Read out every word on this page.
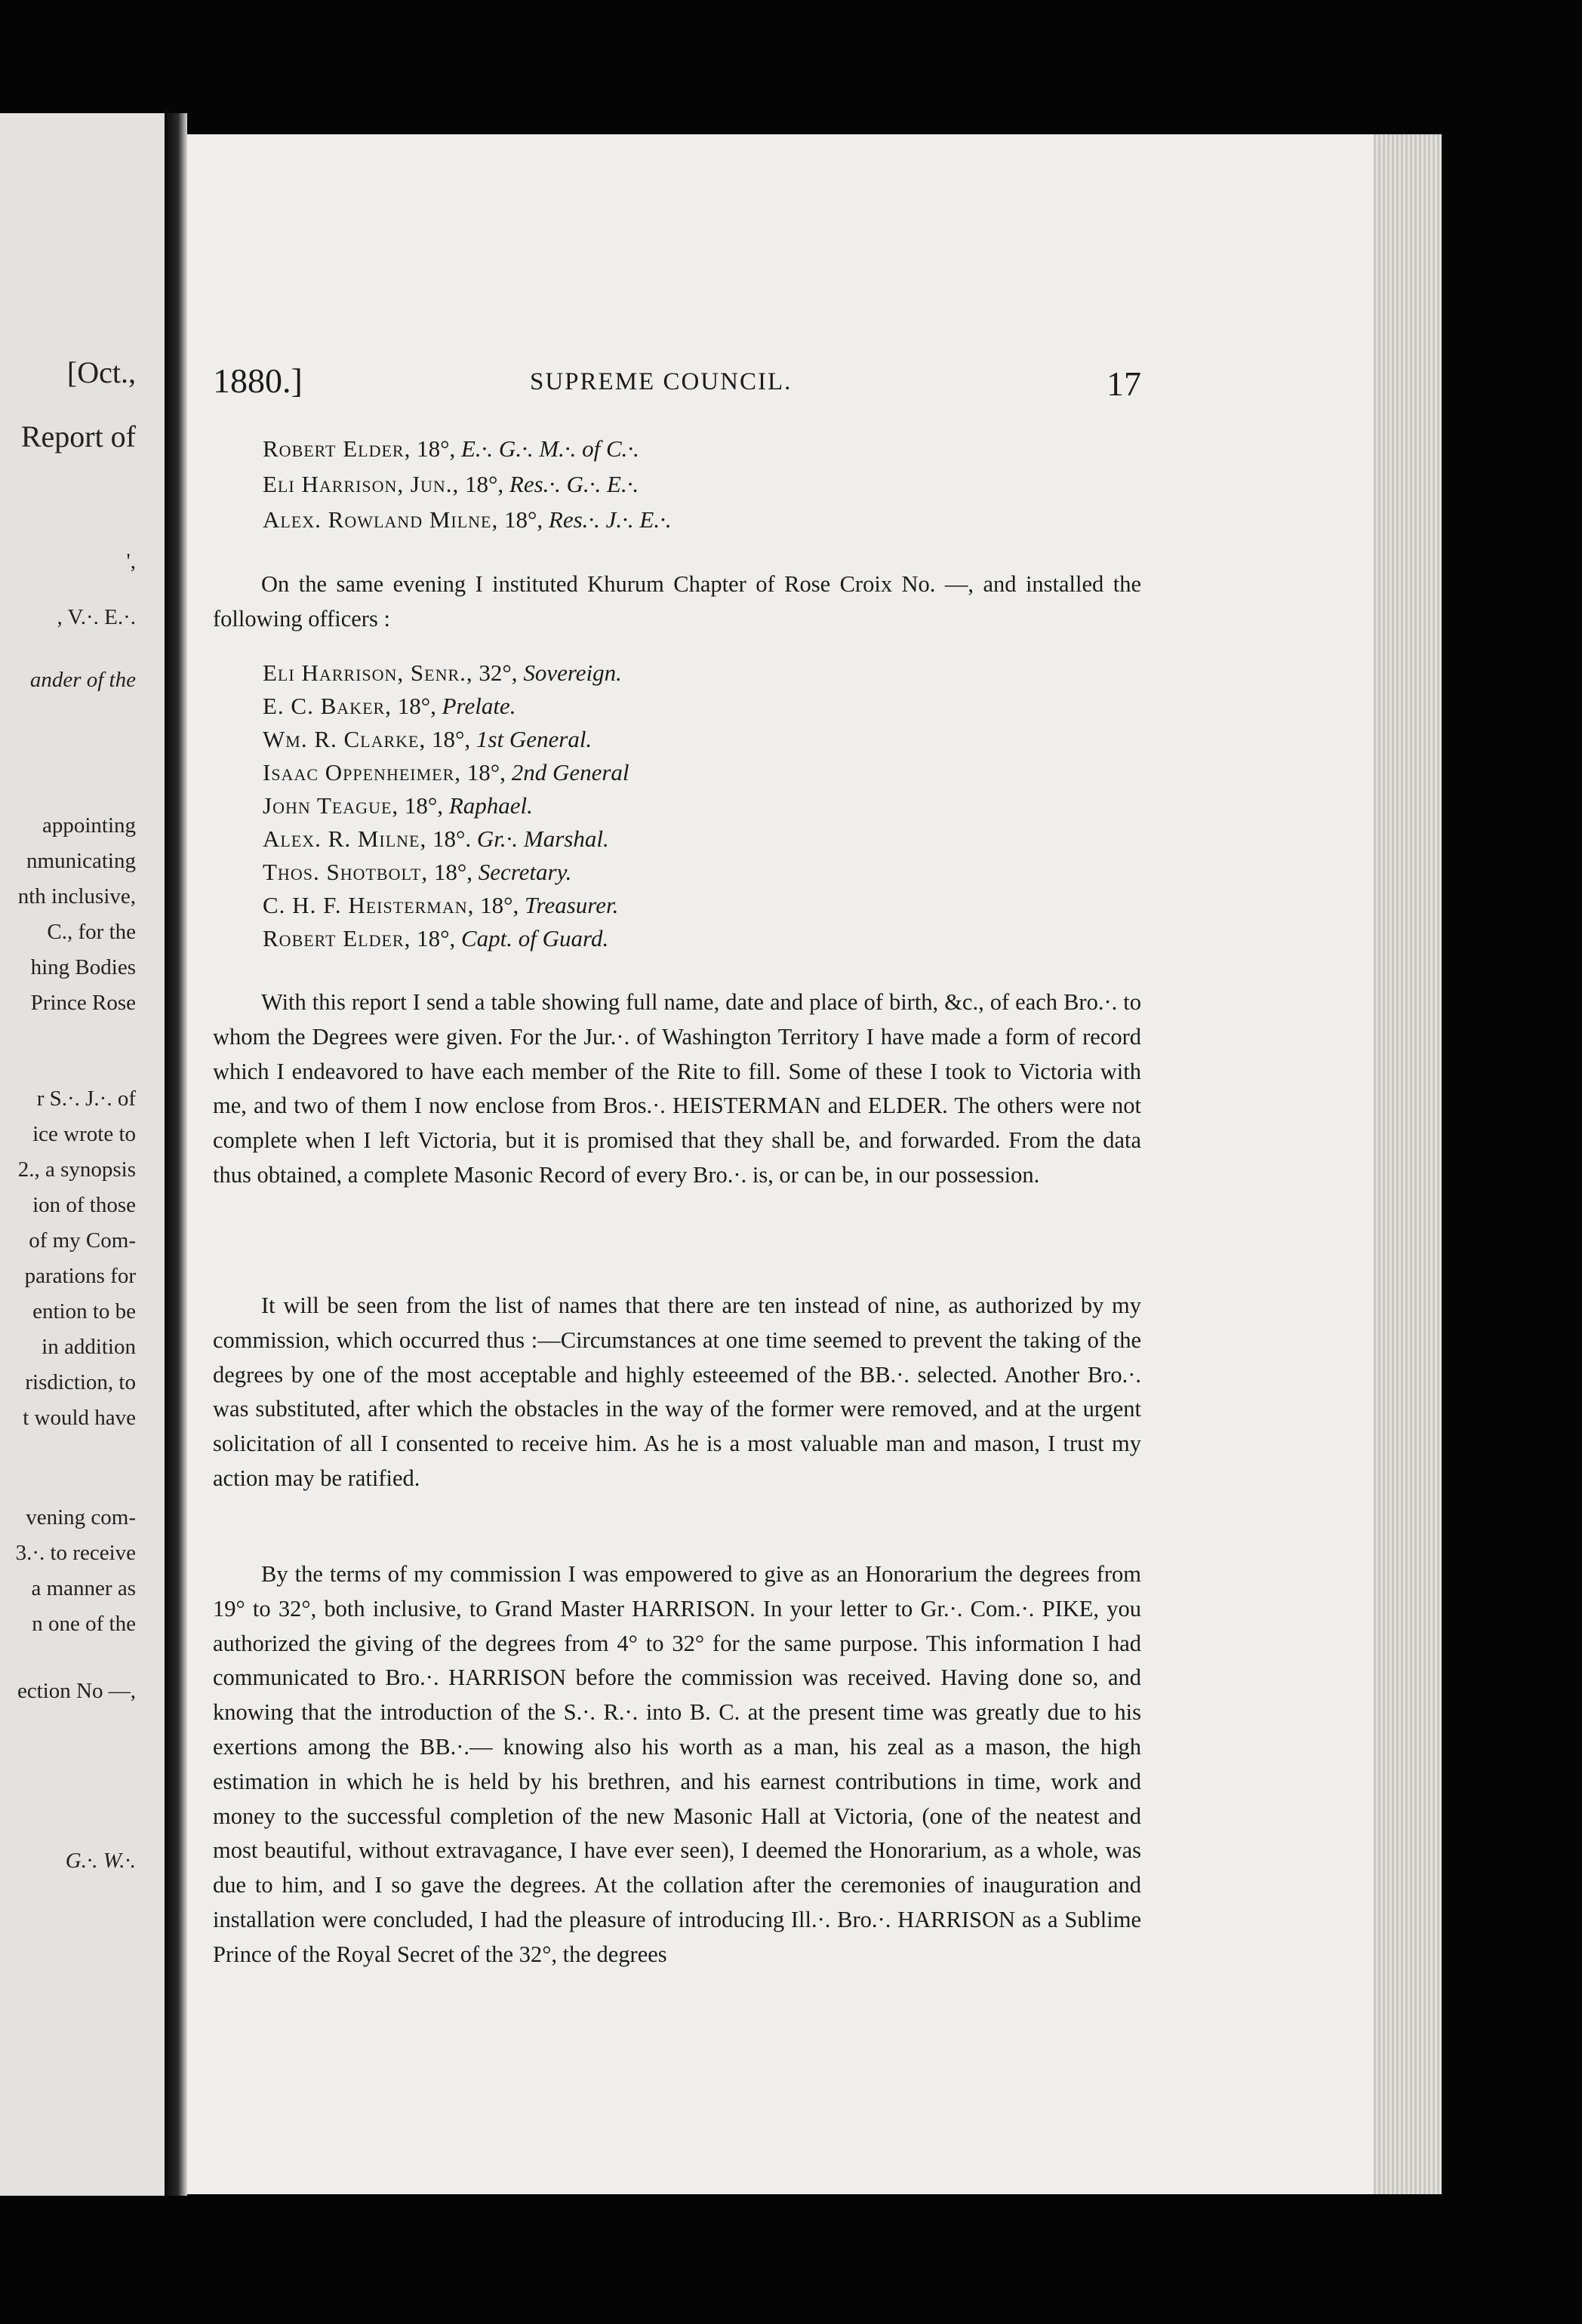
[Oct.,
Report of
',
, V.·. E.·.
ander of the
appointing
nmunicating
nth inclusive,
C., for the
hing Bodies
Prince Rose
r S.·. J.·. of
ice wrote to
2., a synopsis
ion of those
of my Com-
parations for
ention to be
in addition
risdiction, to
t would have
vening com-
3.·. to receive
a manner as
n one of the
ection No —,
G.·. W.·.
1880.]	SUPREME COUNCIL.	17
Robert Elder, 18°, E.·. G.·. M.·. of C.·.
Eli Harrison, Jun., 18°, Res.·. G.·. E.·.
Alex. Rowland Milne, 18°, Res.·. J.·. E.·.
On the same evening I instituted Khurum Chapter of Rose Croix No. —, and installed the following officers :
Eli Harrison, Senr., 32°, Sovereign.
E. C. Baker, 18°, Prelate.
Wm. R. Clarke, 18°, 1st General.
Isaac Oppenheimer, 18°, 2nd General
John Teague, 18°, Raphael.
Alex. R. Milne, 18°. Gr.·. Marshal.
Thos. Shotbolt, 18°, Secretary.
C. H. F. Heisterman, 18°, Treasurer.
Robert Elder, 18°, Capt. of Guard.
With this report I send a table showing full name, date and place of birth, &c., of each Bro.·. to whom the Degrees were given. For the Jur.·. of Washington Territory I have made a form of record which I endeavored to have each member of the Rite to fill. Some of these I took to Victoria with me, and two of them I now enclose from Bros.·. HEISTERMAN and ELDER. The others were not complete when I left Victoria, but it is promised that they shall be, and forwarded. From the data thus obtained, a complete Masonic Record of every Bro.·. is, or can be, in our possession.
It will be seen from the list of names that there are ten instead of nine, as authorized by my commission, which occurred thus :—Circumstances at one time seemed to prevent the taking of the degrees by one of the most acceptable and highly esteeemed of the BB.·. selected. Another Bro.·. was substituted, after which the obstacles in the way of the former were removed, and at the urgent solicitation of all I consented to receive him. As he is a most valuable man and mason, I trust my action may be ratified.
By the terms of my commission I was empowered to give as an Honorarium the degrees from 19° to 32°, both inclusive, to Grand Master HARRISON. In your letter to Gr.·. Com.·. PIKE, you authorized the giving of the degrees from 4° to 32° for the same purpose. This information I had communicated to Bro.·. HARRISON before the commission was received. Having done so, and knowing that the introduction of the S.·. R.·. into B. C. at the present time was greatly due to his exertions among the BB.·.— knowing also his worth as a man, his zeal as a mason, the high estimation in which he is held by his brethren, and his earnest contributions in time, work and money to the successful completion of the new Masonic Hall at Victoria, (one of the neatest and most beautiful, without extravagance, I have ever seen), I deemed the Honorarium, as a whole, was due to him, and I so gave the degrees. At the collation after the ceremonies of inauguration and installation were concluded, I had the pleasure of introducing Ill.·. Bro.·. HARRISON as a Sublime Prince of the Royal Secret of the 32°, the degrees
